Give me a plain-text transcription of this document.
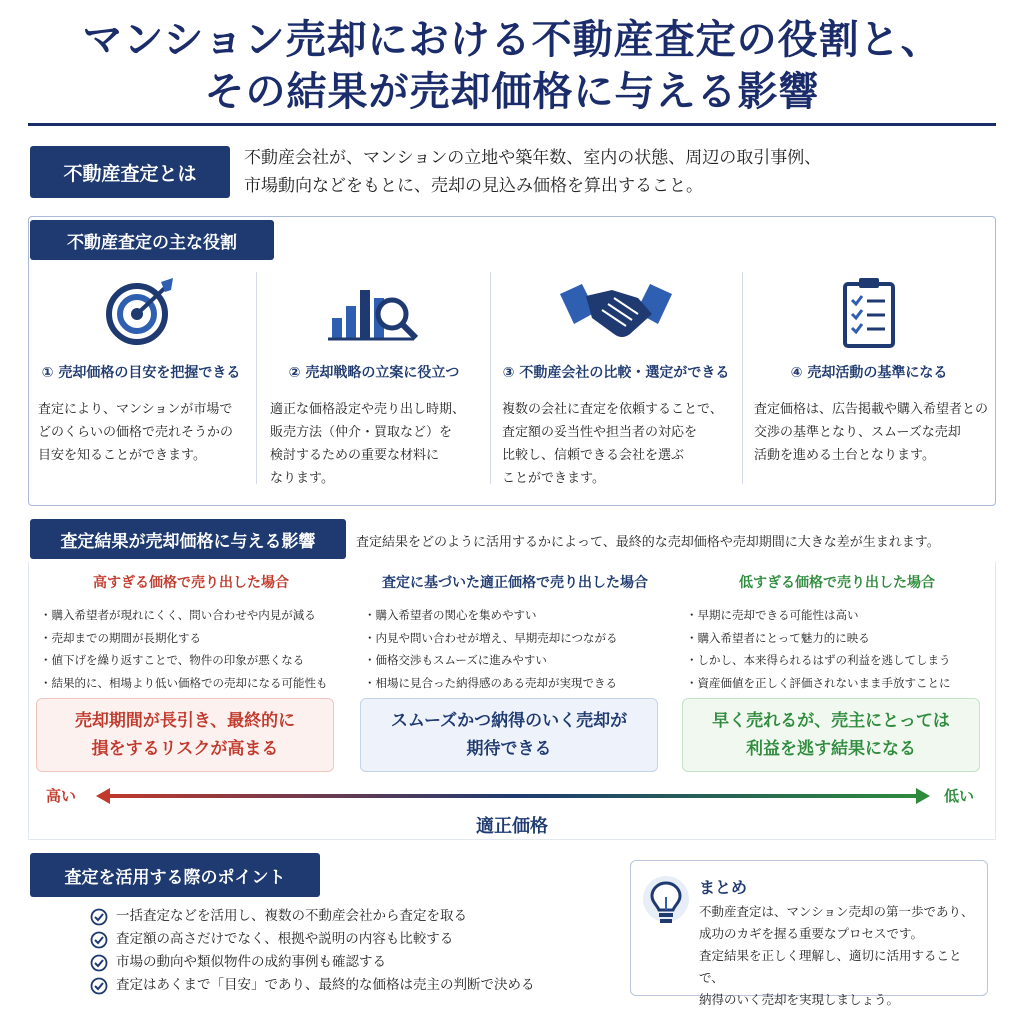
マンション売却における不動産査定の役割と、
その結果が売却価格に与える影響
不動産査定とは
不動産会社が、マンションの立地や築年数、室内の状態、周辺の取引事例、
市場動向などをもとに、売却の見込み価格を算出すること。
不動産査定の主な役割
① 売却価格の目安を把握できる
査定により、マンションが市場で
どのくらいの価格で売れそうかの
目安を知ることができます。
② 売却戦略の立案に役立つ
適正な価格設定や売り出し時期、
販売方法（仲介・買取など）を
検討するための重要な材料に
なります。
③ 不動産会社の比較・選定ができる
複数の会社に査定を依頼することで、
査定額の妥当性や担当者の対応を
比較し、信頼できる会社を選ぶ
ことができます。
④ 売却活動の基準になる
査定価格は、広告掲載や購入希望者との
交渉の基準となり、スムーズな売却
活動を進める土台となります。
査定結果が売却価格に与える影響	査定結果をどのように活用するかによって、最終的な売却価格や売却期間に大きな差が生まれます。
高すぎる価格で売り出した場合
・ 購入希望者が現れにくく、問い合わせや内見が減る
・ 売却までの期間が長期化する
・ 値下げを繰り返すことで、物件の印象が悪くなる
・ 結果的に、相場より低い価格での売却になる可能性も
売却期間が長引き、最終的に
損をするリスクが高まる
査定に基づいた適正価格で売り出した場合
・ 購入希望者の関心を集めやすい
・ 内見や問い合わせが増え、早期売却につながる
・ 価格交渉もスムーズに進みやすい
・ 相場に見合った納得感のある売却が実現できる
スムーズかつ納得のいく売却が
期待できる
低すぎる価格で売り出した場合
・ 早期に売却できる可能性は高い
・ 購入希望者にとって魅力的に映る
・ しかし、本来得られるはずの利益を逃してしまう
・ 資産価値を正しく評価されないまま手放すことに
早く売れるが、売主にとっては
利益を逃す結果になる
高い	低い
適正価格
査定を活用する際のポイント
一括査定などを活用し、複数の不動産会社から査定を取る
査定額の高さだけでなく、根拠や説明の内容も比較する
市場の動向や類似物件の成約事例も確認する
査定はあくまで「目安」であり、最終的な価格は売主の判断で決める
まとめ
不動産査定は、マンション売却の第一歩であり、
成功のカギを握る重要なプロセスです。
査定結果を正しく理解し、適切に活用することで、
納得のいく売却を実現しましょう。
